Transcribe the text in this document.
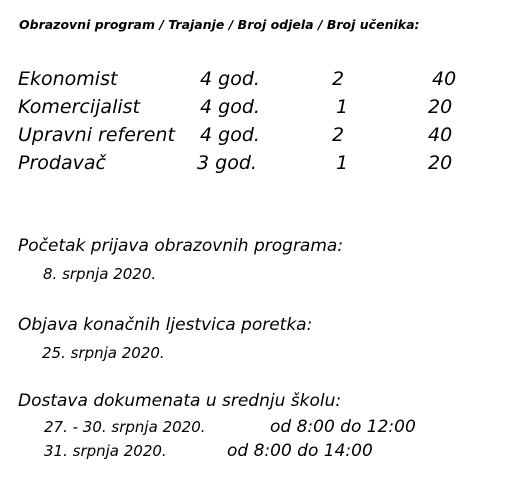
Obrazovni program / Trajanje / Broj odjela / Broj učenika:
Ekonomist	4 god.	2	40
Komercijalist	4 god.	1	20
Upravni referent 4 god.	2	40
Prodavač	3 god.	1	20
Početak prijava obrazovnih programa:
8. srpnja 2020.
Objava konačnih ljestvica poretka:
25. srpnja 2020.
Dostava dokumenata u srednju školu:
27. - 30. srpnja 2020.	od 8:00 do 12:00
31. srpnja 2020.	od 8:00 do 14:00
